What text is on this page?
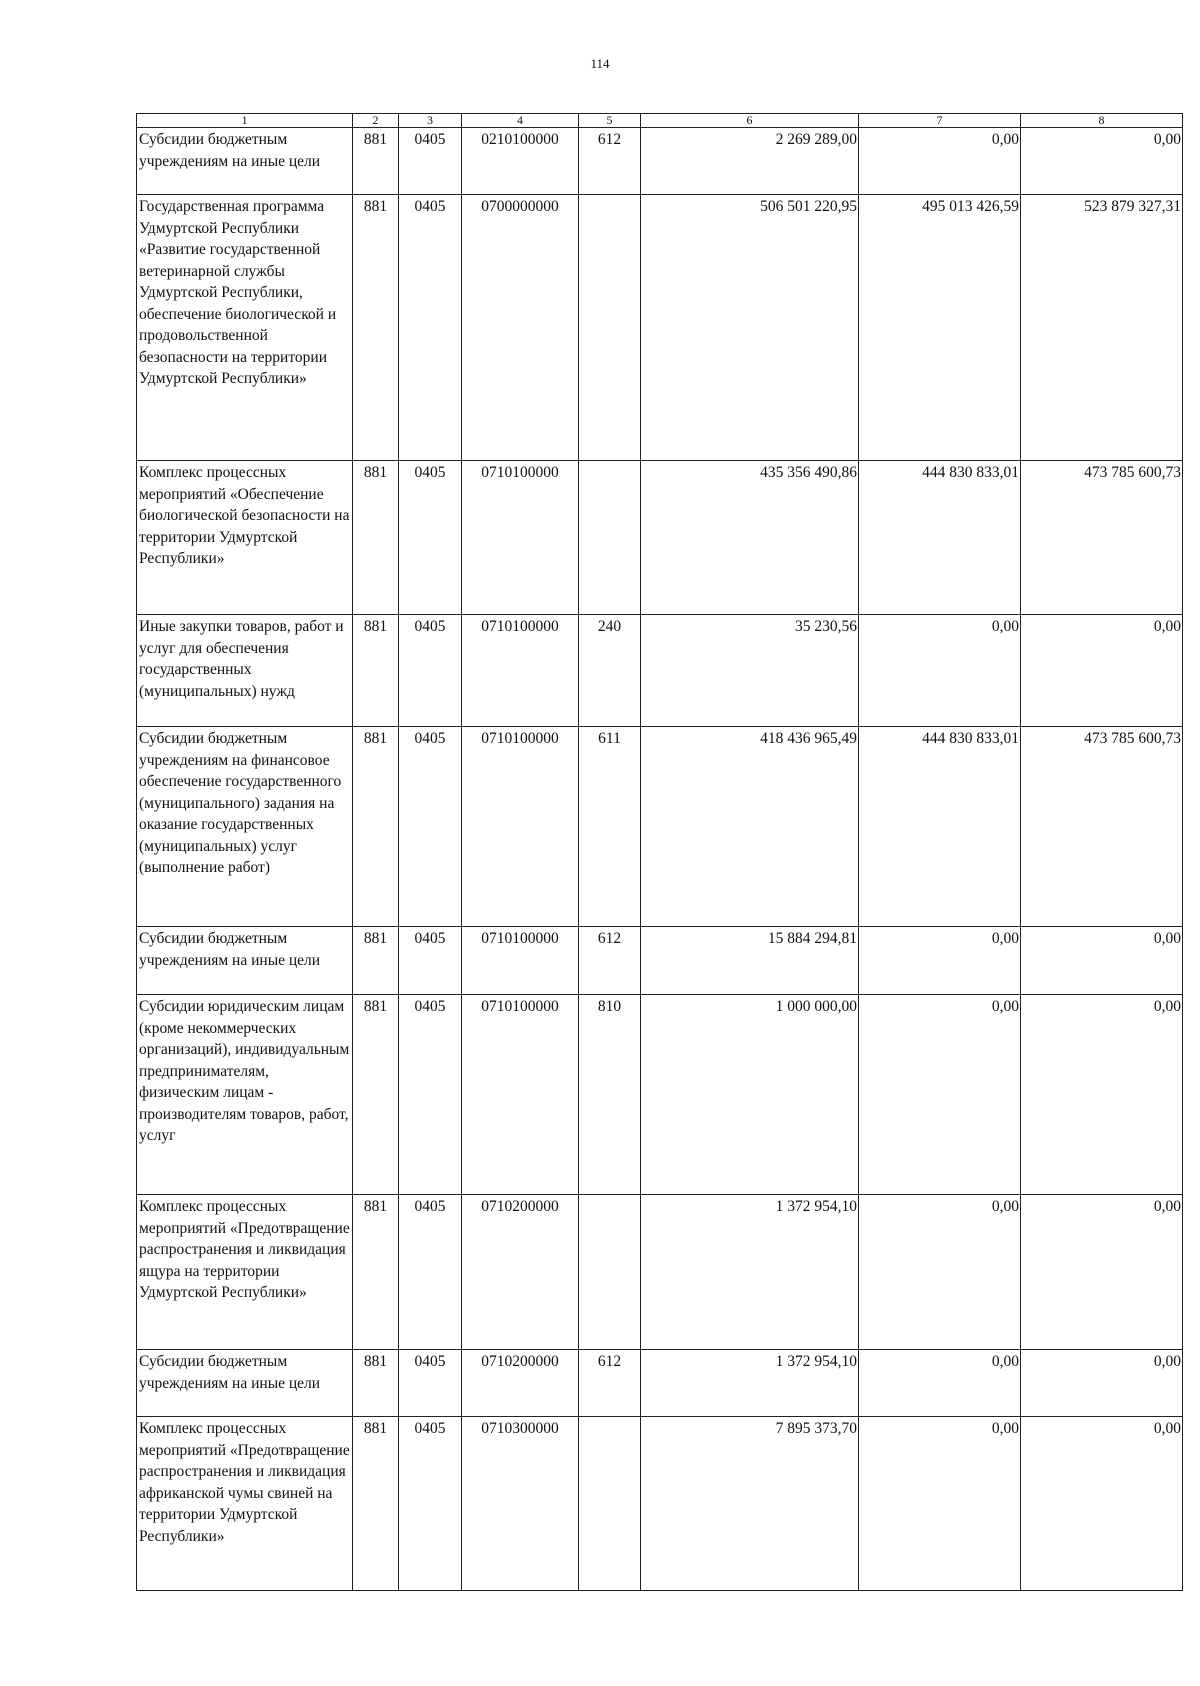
114
1	2	3	4	5	6	7	8
Субсидии бюджетным учреждениям на иные цели	881	0405	0210100000	612	2 269 289,00	0,00	0,00
Государственная программа Удмуртской Республики «Развитие государственной ветеринарной службы Удмуртской Республики, обеспечение биологической и продовольственной безопасности на территории Удмуртской Республики»	881	0405	0700000000		506 501 220,95	495 013 426,59	523 879 327,31
Комплекс процессных мероприятий «Обеспечение биологической безопасности на территории Удмуртской Республики»	881	0405	0710100000		435 356 490,86	444 830 833,01	473 785 600,73
Иные закупки товаров, работ и услуг для обеспечения государственных (муниципальных) нужд	881	0405	0710100000	240	35 230,56	0,00	0,00
Субсидии бюджетным учреждениям на финансовое обеспечение государственного (муниципального) задания на оказание государственных (муниципальных) услуг (выполнение работ)	881	0405	0710100000	611	418 436 965,49	444 830 833,01	473 785 600,73
Субсидии бюджетным учреждениям на иные цели	881	0405	0710100000	612	15 884 294,81	0,00	0,00
Субсидии юридическим лицам (кроме некоммерческих организаций), индивидуальным предпринимателям, физическим лицам - производителям товаров, работ, услуг	881	0405	0710100000	810	1 000 000,00	0,00	0,00
Комплекс процессных мероприятий «Предотвращение распространения и ликвидация ящура на территории Удмуртской Республики»	881	0405	0710200000		1 372 954,10	0,00	0,00
Субсидии бюджетным учреждениям на иные цели	881	0405	0710200000	612	1 372 954,10	0,00	0,00
Комплекс процессных мероприятий «Предотвращение распространения и ликвидация африканской чумы свиней на территории Удмуртской Республики»	881	0405	0710300000		7 895 373,70	0,00	0,00
